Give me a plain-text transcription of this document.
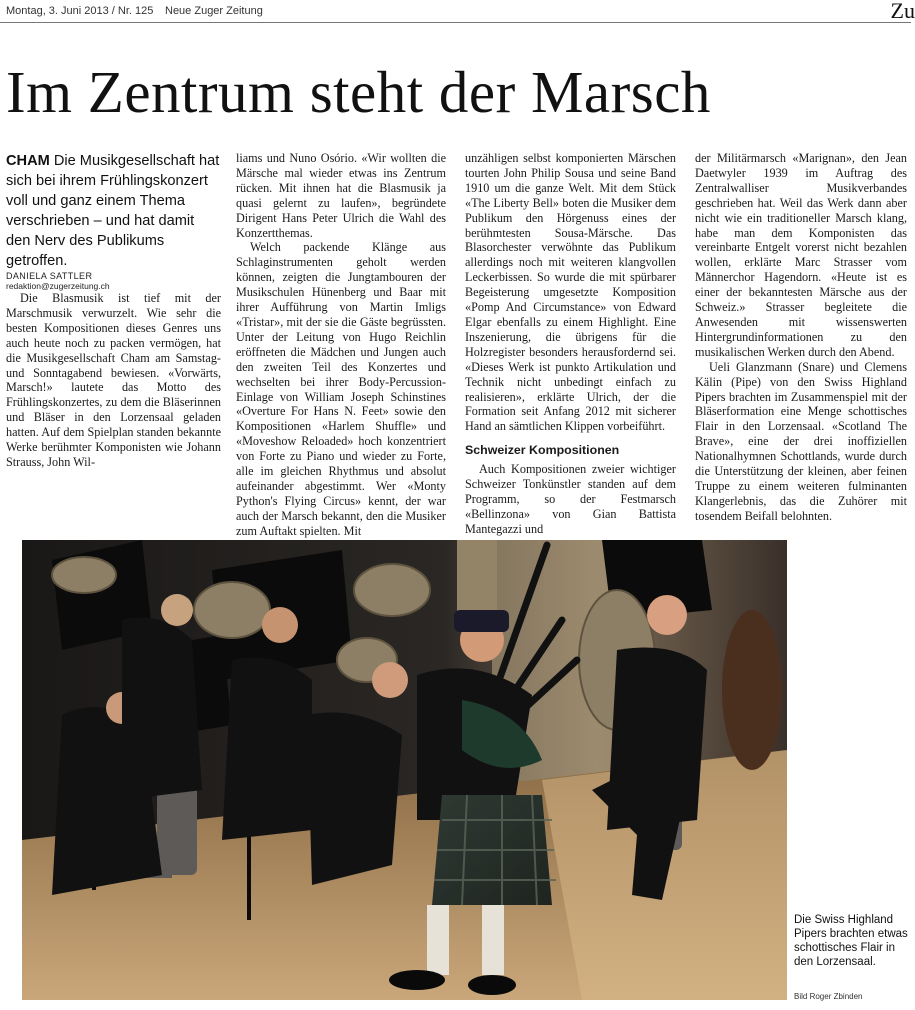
Montag, 3. Juni 2013 / Nr. 125 Neue Zuger Zeitung	Zu
Im Zentrum steht der Marsch

CHAM Die Musikgesellschaft hat sich bei ihrem Frühlingskonzert voll und ganz einem Thema verschrieben – und hat damit den Nerv des Publikums getroffen.

DANIELA SATTLER

redaktion@zugerzeitung.ch

Die Blasmusik ist tief mit der Marschmusik verwurzelt. Wie sehr die besten Kompositionen dieses Genres uns auch heute noch zu packen vermögen, hat die Musikgesellschaft Cham am Samstag- und Sonntagabend bewiesen. «Vorwärts, Marsch!» lautete das Motto des Frühlingskonzertes, zu dem die Bläserinnen und Bläser in den Lorzensaal geladen hatten. Auf dem Spielplan standen bekannte Werke berühmter Komponisten wie Johann Strauss, John Wil-

liams und Nuno Osório. «Wir wollten die Märsche mal wieder etwas ins Zentrum rücken. Mit ihnen hat die Blasmusik ja quasi gelernt zu laufen», begründete Dirigent Hans Peter Ulrich die Wahl des Konzertthemas.

Welch packende Klänge aus Schlaginstrumenten geholt werden können, zeigten die Jungtambouren der Musikschulen Hünenberg und Baar mit ihrer Aufführung von Martin Imligs «Tristar», mit der sie die Gäste begrüssten. Unter der Leitung von Hugo Reichlin eröffneten die Mädchen und Jungen auch den zweiten Teil des Konzertes und wechselten bei ihrer Body-Percussion-Einlage von William Joseph Schinstines «Overture For Hans N. Feet» sowie den Kompositionen «Harlem Shuffle» und «Moveshow Reloaded» hoch konzentriert von Forte zu Piano und wieder zu Forte, alle im gleichen Rhythmus und absolut aufeinander abgestimmt. Wer «Monty Python's Flying Circus» kennt, der war auch der Marsch bekannt, den die Musiker zum Auftakt spielten. Mit

unzähligen selbst komponierten Märschen tourten John Philip Sousa und seine Band 1910 um die ganze Welt. Mit dem Stück «The Liberty Bell» boten die Musiker dem Publikum den Hörgenuss eines der berühmtesten Sousa-Märsche. Das Blasorchester verwöhnte das Publikum allerdings noch mit weiteren klangvollen Leckerbissen. So wurde die mit spürbarer Begeisterung umgesetzte Komposition «Pomp And Circumstance» von Edward Elgar ebenfalls zu einem Highlight. Eine Inszenierung, die übrigens für die Holzregister besonders herausfordernd sei. «Dieses Werk ist punkto Artikulation und Technik nicht unbedingt einfach zu realisieren», erklärte Ulrich, der die Formation seit Anfang 2012 mit sicherer Hand an sämtlichen Klippen vorbeiführt.

Schweizer Kompositionen

Auch Kompositionen zweier wichtiger Schweizer Tonkünstler standen auf dem Programm, so der Festmarsch «Bellinzona» von Gian Battista Mantegazzi und

der Militärmarsch «Marignan», den Jean Daetwyler 1939 im Auftrag des Zentralwalliser Musikverbandes geschrieben hat. Weil das Werk dann aber nicht wie ein traditioneller Marsch klang, habe man dem Komponisten das vereinbarte Entgelt vorerst nicht bezahlen wollen, erklärte Marc Strasser vom Männerchor Hagendorn. «Heute ist es einer der bekanntesten Märsche aus der Schweiz.» Strasser begleitete die Anwesenden mit wissenswerten Hintergrundinformationen zu den musikalischen Werken durch den Abend.

Ueli Glanzmann (Snare) und Clemens Kälin (Pipe) von den Swiss Highland Pipers brachten im Zusammenspiel mit der Bläserformation eine Menge schottisches Flair in den Lorzensaal. «Scotland The Brave», eine der drei inoffiziellen Nationalhymnen Schottlands, wurde durch die Unterstützung der kleinen, aber feinen Truppe zu einem weiteren fulminanten Klangerlebnis, das die Zuhörer mit tosendem Beifall belohnten.

Die Swiss Highland Pipers brachten etwas schottisches Flair in den Lorzensaal.
Bild Roger Zbinden
